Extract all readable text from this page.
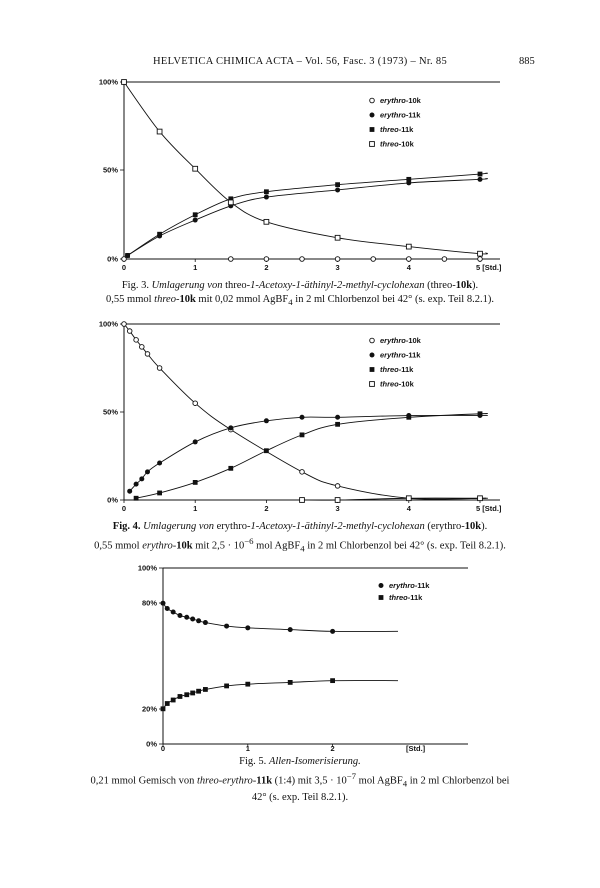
HELVETICA CHIMICA ACTA – Vol. 56, Fasc. 3 (1973) – Nr. 85	885
100%
50%
0%
0	1	2	3	4	5 [Std.]
erythro-10k
erythro-11k
threo-11k
threo-10k
100%
50%
0%
0	1	2	3	4	5 [Std.]
erythro-10k
erythro-11k
threo-11k
threo-10k
100%
80%
20%
0% 0	1	2	[Std.]
erythro-11k
threo-11k
Fig. 3. Umlagerung von threo-1-Acetoxy-1-äthinyl-2-methyl-cyclohexan (threo-10k).
0,55 mmol threo-10k mit 0,02 mmol AgBF$_4$ in 2 ml Chlorbenzol bei 42° (s. exp. Teil 8.2.1).
Fig. 4. Umlagerung von erythro-1-Acetoxy-1-äthinyl-2-methyl-cyclohexan (erythro-10k).
0,55 mmol erythro-10k mit $2,5 \cdot 10^{-6}$ mol AgBF$_4$ in 2 ml Chlorbenzol bei 42° (s. exp. Teil 8.2.1).
Fig. 5. Allen-Isomerisierung.
0,21 mmol Gemisch von threo-erythro-11k (1:4) mit $3,5 \cdot 10^{-7}$ mol AgBF$_4$ in 2 ml Chlorbenzol bei
42° (s. exp. Teil 8.2.1).
